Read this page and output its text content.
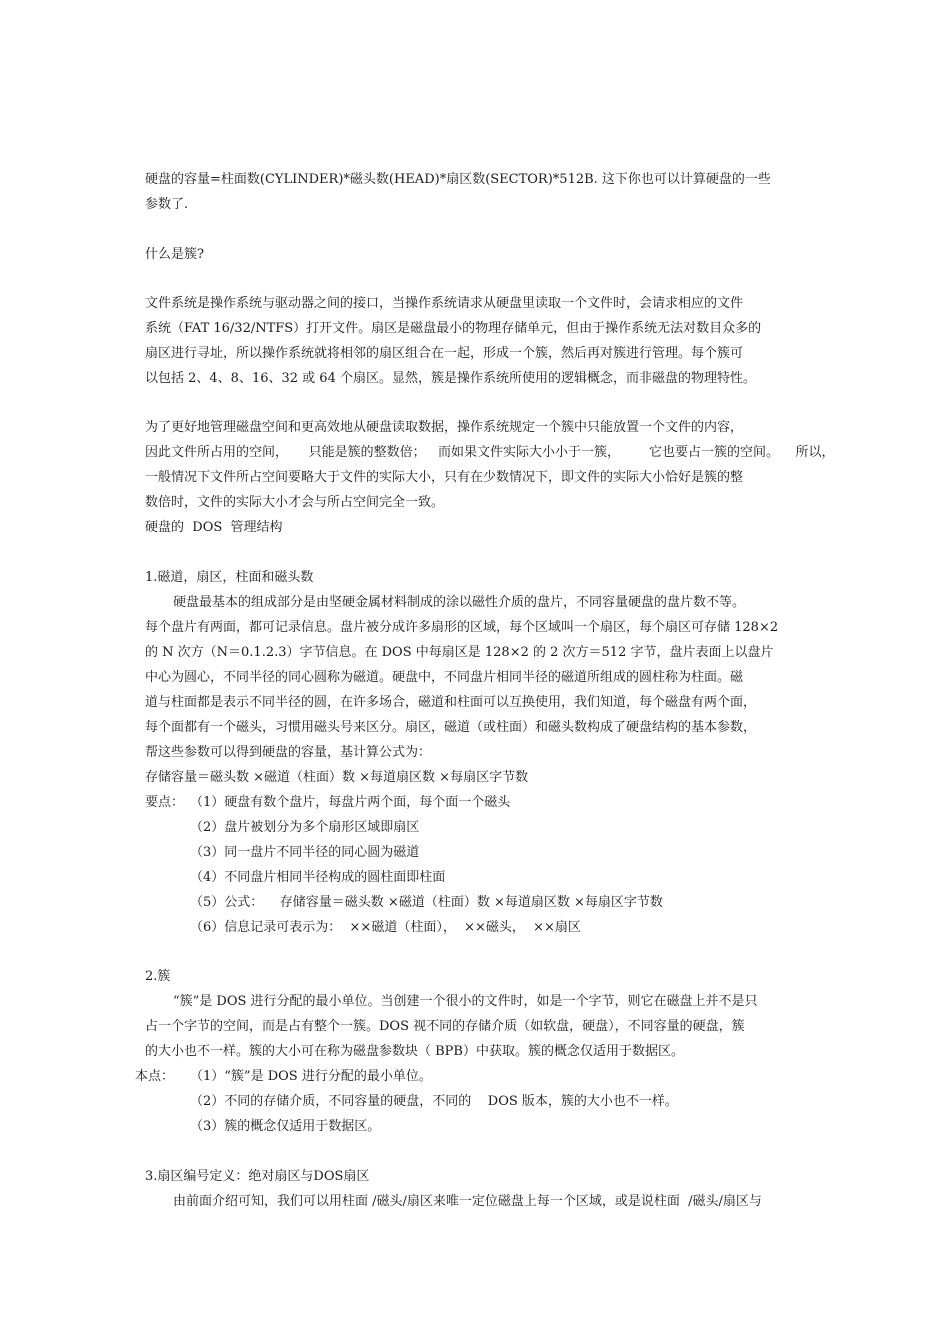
硬盘的容量=柱面数(CYLINDER)*磁头数(HEAD)*扇区数(SECTOR)*512B. 这下你也可以计算硬盘的一些
参数了.
什么是簇?
文件系统是操作系统与驱动器之间的接口，当操作系统请求从硬盘里读取一个文件时，会请求相应的文件
系统（FAT 16/32/NTFS）打开文件。扇区是磁盘最小的物理存储单元，但由于操作系统无法对数目众多的
扇区进行寻址，所以操作系统就将相邻的扇区组合在一起，形成一个簇，然后再对簇进行管理。每个簇可
以包括 2、4、8、16、32 或 64 个扇区。显然，簇是操作系统所使用的逻辑概念，而非磁盘的物理特性。
为了更好地管理磁盘空间和更高效地从硬盘读取数据，操作系统规定一个簇中只能放置一个文件的内容，
因此文件所占用的空间，     只能是簇的整数倍；   而如果文件实际大小小于一簇，       它也要占一簇的空间。    所以，
一般情况下文件所占空间要略大于文件的实际大小，只有在少数情况下，即文件的实际大小恰好是簇的整
数倍时，文件的实际大小才会与所占空间完全一致。
硬盘的  DOS  管理结构
1.磁道，扇区，柱面和磁头数
硬盘最基本的组成部分是由坚硬金属材料制成的涂以磁性介质的盘片，不同容量硬盘的盘片数不等。
每个盘片有两面，都可记录信息。盘片被分成许多扇形的区域，每个区域叫一个扇区，每个扇区可存储 128×2
的 N 次方（N＝0.1.2.3）字节信息。在 DOS 中每扇区是 128×2 的 2 次方＝512 字节，盘片表面上以盘片
中心为圆心，不同半径的同心圆称为磁道。硬盘中，不同盘片相同半径的磁道所组成的圆柱称为柱面。磁
道与柱面都是表示不同半径的圆，在许多场合，磁道和柱面可以互换使用，我们知道，每个磁盘有两个面，
每个面都有一个磁头，习惯用磁头号来区分。扇区，磁道（或柱面）和磁头数构成了硬盘结构的基本参数，
帮这些参数可以得到硬盘的容量，基计算公式为：
存储容量＝磁头数 ×磁道（柱面）数 ×每道扇区数 ×每扇区字节数
要点： （1）硬盘有数个盘片，每盘片两个面，每个面一个磁头
（2）盘片被划分为多个扇形区域即扇区
（3）同一盘片不同半径的同心圆为磁道
（4）不同盘片相同半径构成的圆柱面即柱面
（5）公式：    存储容量＝磁头数 ×磁道（柱面）数 ×每道扇区数 ×每扇区字节数
（6）信息记录可表示为：  ××磁道（柱面），  ××磁头，  ××扇区
2.簇
“簇”是 DOS 进行分配的最小单位。当创建一个很小的文件时，如是一个字节，则它在磁盘上并不是只
占一个字节的空间，而是占有整个一簇。DOS 视不同的存储介质（如软盘，硬盘），不同容量的硬盘，簇
的大小也不一样。簇的大小可在称为磁盘参数块（ BPB）中获取。簇的概念仅适用于数据区。
本点： （1）“簇”是 DOS 进行分配的最小单位。
（2）不同的存储介质，不同容量的硬盘，不同的    DOS 版本，簇的大小也不一样。
（3）簇的概念仅适用于数据区。
3.扇区编号定义：绝对扇区与DOS扇区
由前面介绍可知，我们可以用柱面 /磁头/扇区来唯一定位磁盘上每一个区域，或是说柱面  /磁头/扇区与
